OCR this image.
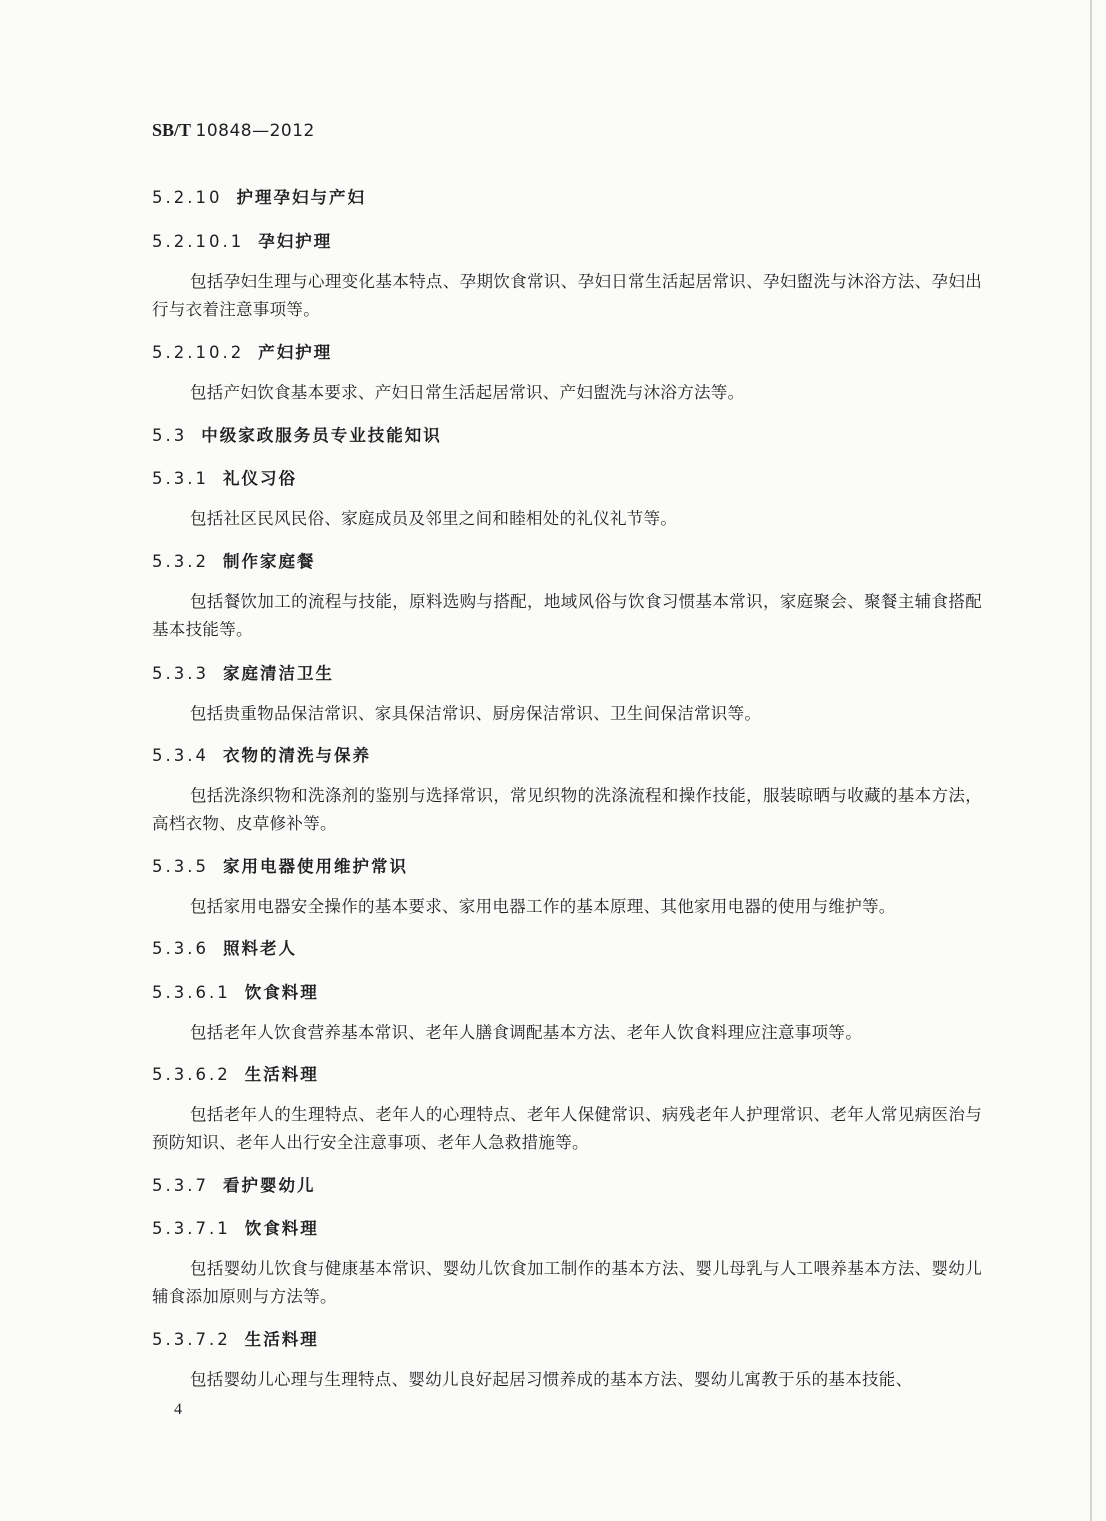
SB/T 10848—2012
5.2.10 护理孕妇与产妇
5.2.10.1 孕妇护理
包括孕妇生理与心理变化基本特点、孕期饮食常识、孕妇日常生活起居常识、孕妇盥洗与沐浴方法、孕妇出行与衣着注意事项等。
5.2.10.2 产妇护理
包括产妇饮食基本要求、产妇日常生活起居常识、产妇盥洗与沐浴方法等。
5.3 中级家政服务员专业技能知识
5.3.1 礼仪习俗
包括社区民风民俗、家庭成员及邻里之间和睦相处的礼仪礼节等。
5.3.2 制作家庭餐
包括餐饮加工的流程与技能，原料选购与搭配，地域风俗与饮食习惯基本常识，家庭聚会、聚餐主辅食搭配基本技能等。
5.3.3 家庭清洁卫生
包括贵重物品保洁常识、家具保洁常识、厨房保洁常识、卫生间保洁常识等。
5.3.4 衣物的清洗与保养
包括洗涤织物和洗涤剂的鉴别与选择常识，常见织物的洗涤流程和操作技能，服装晾晒与收藏的基本方法，高档衣物、皮草修补等。
5.3.5 家用电器使用维护常识
包括家用电器安全操作的基本要求、家用电器工作的基本原理、其他家用电器的使用与维护等。
5.3.6 照料老人
5.3.6.1 饮食料理
包括老年人饮食营养基本常识、老年人膳食调配基本方法、老年人饮食料理应注意事项等。
5.3.6.2 生活料理
包括老年人的生理特点、老年人的心理特点、老年人保健常识、病残老年人护理常识、老年人常见病医治与预防知识、老年人出行安全注意事项、老年人急救措施等。
5.3.7 看护婴幼儿
5.3.7.1 饮食料理
包括婴幼儿饮食与健康基本常识、婴幼儿饮食加工制作的基本方法、婴儿母乳与人工喂养基本方法、婴幼儿辅食添加原则与方法等。
5.3.7.2 生活料理
包括婴幼儿心理与生理特点、婴幼儿良好起居习惯养成的基本方法、婴幼儿寓教于乐的基本技能、
4
